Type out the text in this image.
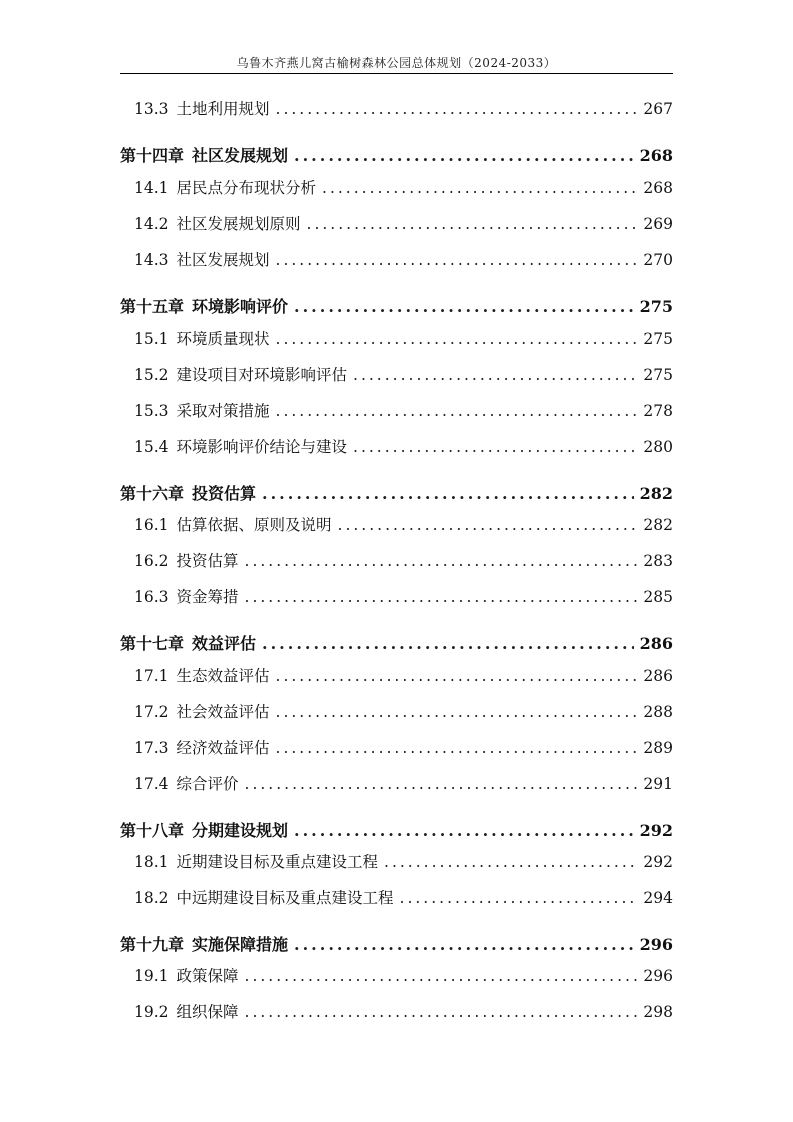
乌鲁木齐燕儿窝古榆树森林公园总体规划（2024-2033）
13.3 土地利用规划 .....	267
第十四章 社区发展规划 .....	268
14.1 居民点分布现状分析 .....	268
14.2 社区发展规划原则 .....	269
14.3 社区发展规划 .....	270
第十五章 环境影响评价 .....	275
15.1 环境质量现状 .....	275
15.2 建设项目对环境影响评估 .....	275
15.3 采取对策措施 .....	278
15.4 环境影响评价结论与建设 .....	280
第十六章 投资估算 .....	282
16.1 估算依据、原则及说明 .....	282
16.2 投资估算 .....	283
16.3 资金筹措 .....	285
第十七章 效益评估 .....	286
17.1 生态效益评估 .....	286
17.2 社会效益评估 .....	288
17.3 经济效益评估 .....	289
17.4 综合评价 .....	291
第十八章 分期建设规划 .....	292
18.1 近期建设目标及重点建设工程 .....	292
18.2 中远期建设目标及重点建设工程 .....	294
第十九章 实施保障措施 .....	296
19.1 政策保障 .....	296
19.2 组织保障 .....	298
